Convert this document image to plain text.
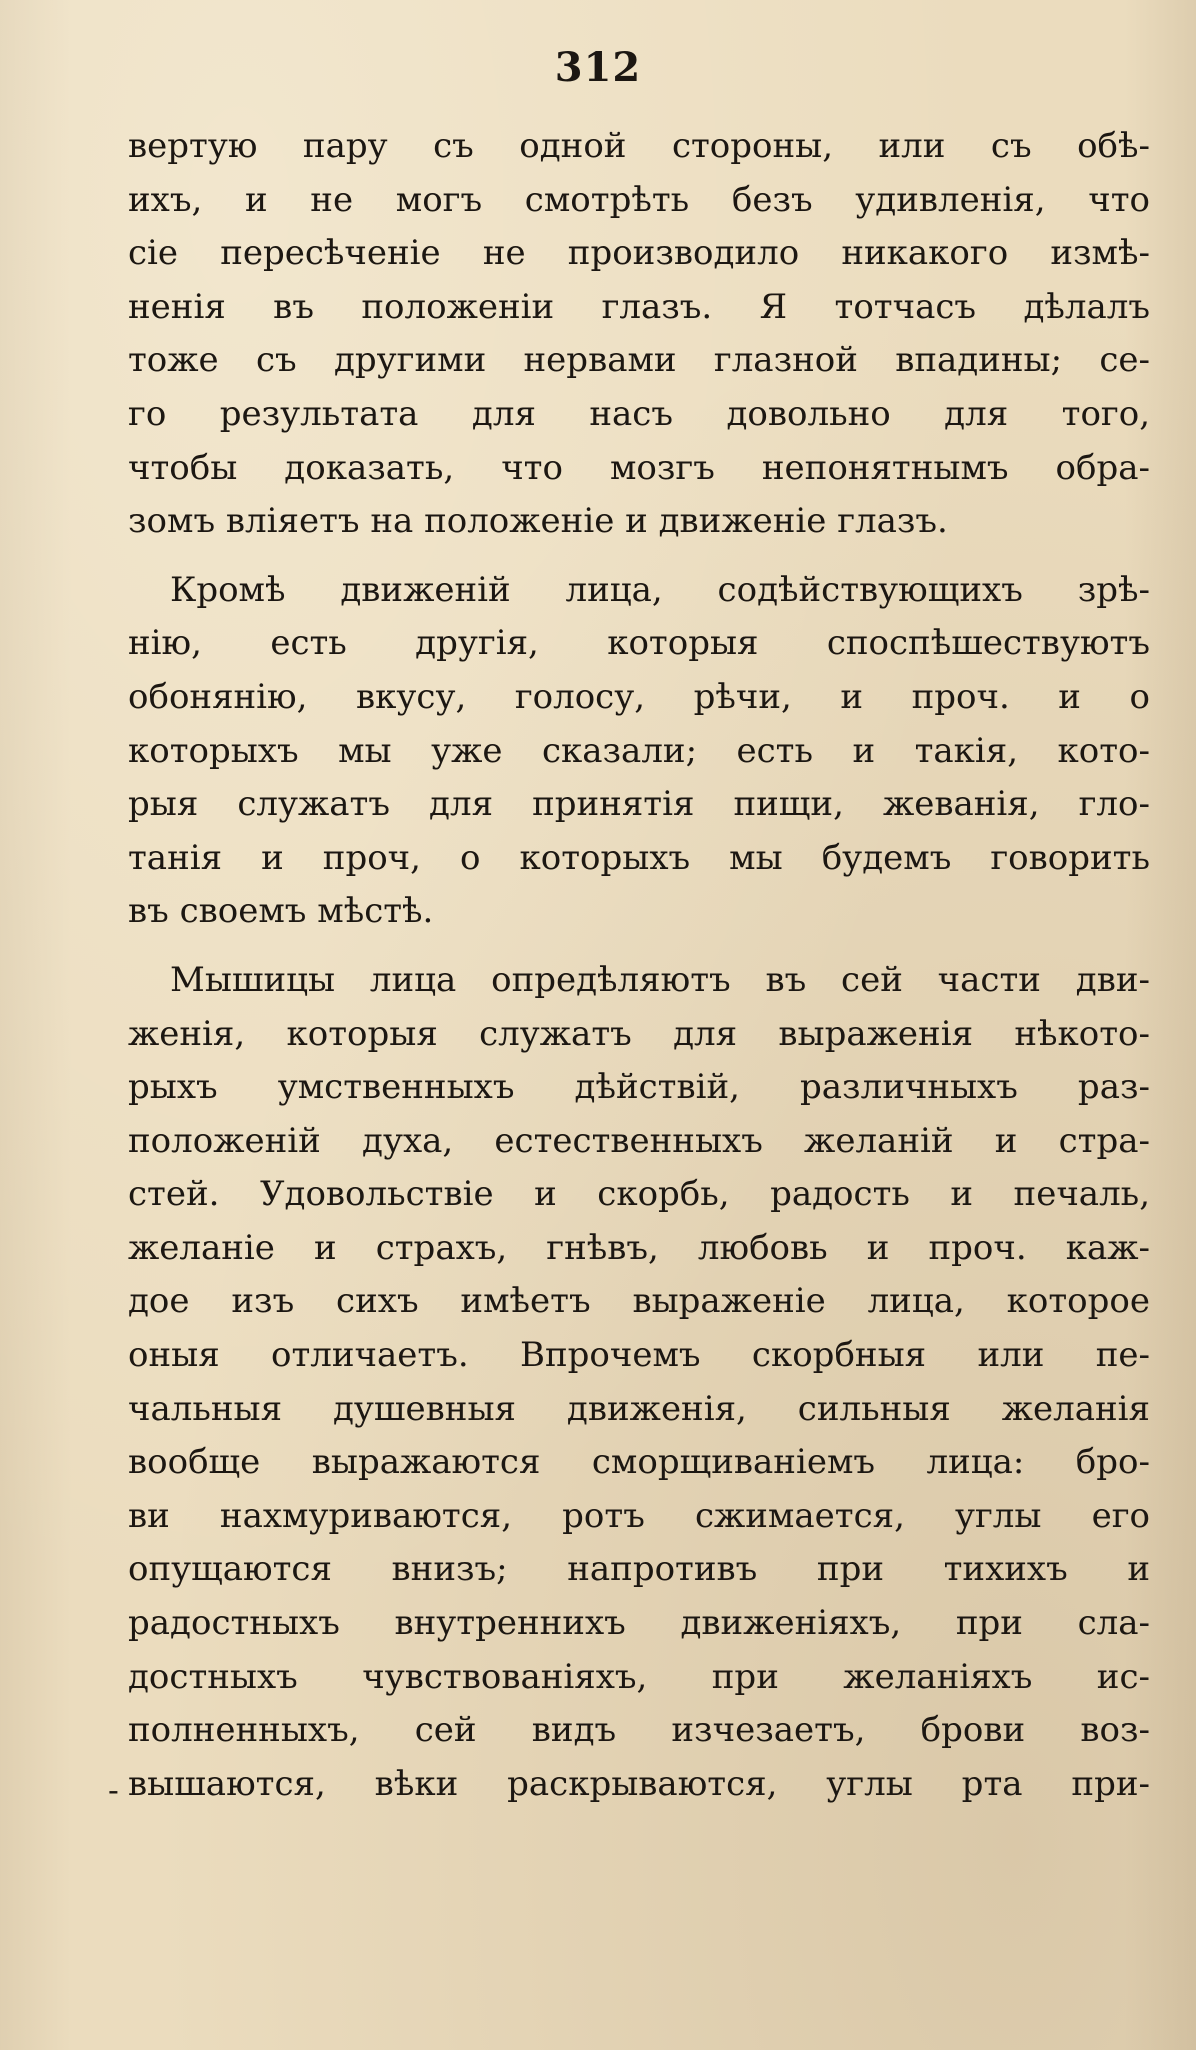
312
-
вертую пару съ одной стороны, или съ обѣ-
ихъ, и не могъ смотрѣть безъ удивленія, что
сіе пересѣченіе не производило никакого измѣ-
ненія въ положеніи глазъ. Я тотчасъ дѣлалъ
тоже съ другими нервами глазной впадины; се-
го результата для насъ довольно для того,
чтобы доказать, что мозгъ непонятнымъ обра-
зомъ вліяетъ на положеніе и движеніе глазъ.
Кромѣ движеній лица, содѣйствующихъ зрѣ-
нію, есть другія, которыя споспѣшествуютъ
обонянію, вкусу, голосу, рѣчи, и проч. и о
которыхъ мы уже сказали; есть и такія, кото-
рыя служатъ для принятія пищи, жеванія, гло-
танія и проч, о которыхъ мы будемъ говорить
въ своемъ мѣстѣ.
Мышицы лица опредѣляютъ въ сей части дви-
женія, которыя служатъ для выраженія нѣкото-
рыхъ умственныхъ дѣйствій, различныхъ раз-
положеній духа, естественныхъ желаній и стра-
стей. Удовольствіе и скорбь, радость и печаль,
желаніе и страхъ, гнѣвъ, любовь и проч. каж-
дое изъ сихъ имѣетъ выраженіе лица, которое
оныя отличаетъ. Впрочемъ скорбныя или пе-
чальныя душевныя движенія, сильныя желанія
вообще выражаются сморщиваніемъ лица: бро-
ви нахмуриваются, ротъ сжимается, углы его
опущаются внизъ; напротивъ при тихихъ и
радостныхъ внутреннихъ движеніяхъ, при сла-
достныхъ чувствованіяхъ, при желаніяхъ ис-
полненныхъ, сей видъ изчезаетъ, брови воз-
вышаются, вѣки раскрываются, углы рта при-
